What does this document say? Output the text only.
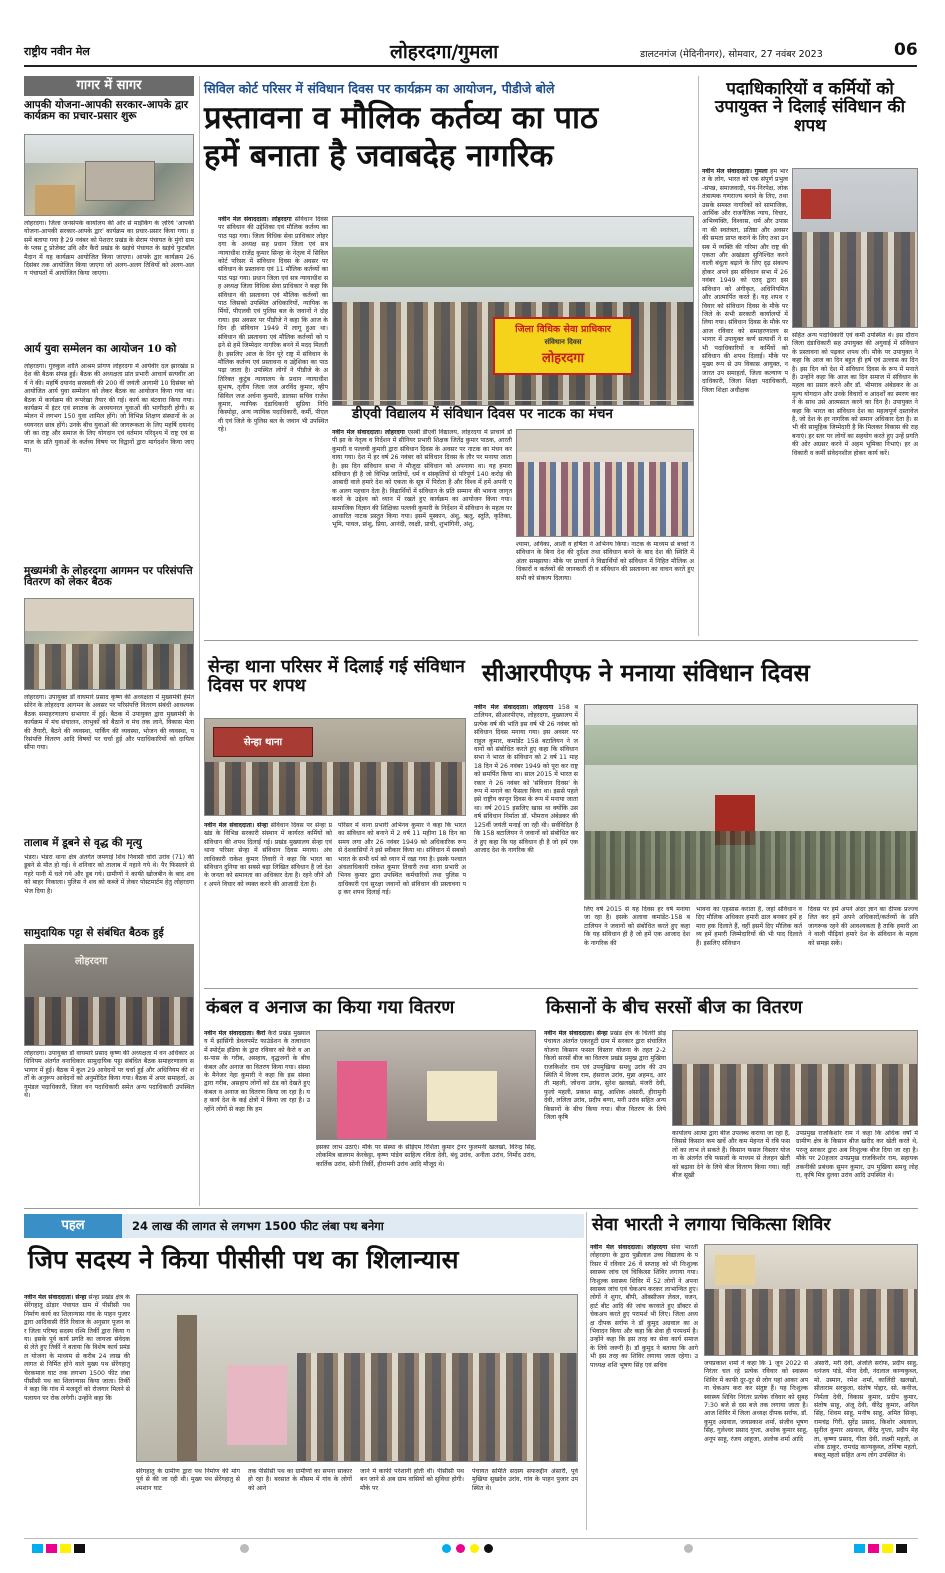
राष्ट्रीय नवीन मेल	लोहरदगा/गुमला	डालटनगंज (मेदिनीनगर), सोमवार, 27 नवंबर 2023	06
गागर में सागर
आपकी योजना-आपकी सरकार-आपके द्वार कार्यक्रम का प्रचार-प्रसार शुरू
लोहरदगा। जिला जनसंपर्क कार्यालय की ओर से माईकिंग के ज़रिये 'आपकी योजना-आपकी सरकार-आपके द्वार' कार्यक्रम का प्रचार-प्रसार किया गया। इसमें बताया गया है 29 नवंबर को पेशरार प्रखंड के सेराम पंचायत के मुंगो ग्राम के प्लस टू प्रोजेक्ट उवि और कैरो प्रखंड के खड़ंचे पंचायत के खड़ंचे फुटबॉल मैदान में यह कार्यक्रम आयोजित किया जाएगा। आपके द्वार कार्यक्रम 26 दिसंबर तक आयोजित किया जाएगा जो अलग-अलग तिथियों को अलग-अलग पंचायतों में आयोजित किया जाएगा।
आर्य युवा सम्मेलन का आयोजन 10 को
लोहरदगा। गुरुकुल शांति आश्रम प्रांगण लोहरदगा में आर्यवीर दल झारखंड प्रदेश की बैठक संपन्न हुई। बैठक की अध्यक्षता प्रांत प्रभारी आचार्य सत्यवीर आर्य ने की। महर्षि दयानंद सरस्वती की 200 वीं जयंती आगामी 10 दिसंबर को आयोजित आर्य युवा सम्मेलन को लेकर बैठक का आयोजन किया गया था। बैठक में कार्यक्रम की रूपरेखा तैयार की गई। कार्य का बंटवारा किया गया। कार्यक्रम में इंटर एवं स्नातक के अध्ययनरत युवाओं की भागीदारी होगी। सम्मेलन में लगभग 150 युवा शामिल होंगे। जो विभिन्न शिक्षण संस्थानों के अध्ययनरत छात्र होंगे। उनके बीच युवाओं की जागरूकता के लिए महर्षि दयानंद जी का राष्ट्र और समाज के लिए योगदान एवं वर्तमान परिदृश्य में राष्ट्र एवं समाज के प्रति युवाओं के कर्तव्य विषय पर विद्वानों द्वारा मार्गदर्शन किया जाएगा।
मुख्यमंत्री के लोहरदगा आगमन पर परिसंपत्ति वितरण को लेकर बैठक
लोहरदगा। उपायुक्त डॉ वाघमारे प्रसाद कृष्ण की अध्यक्षता में मुख्यमंत्री हेमंत सोरेन के लोहरदगा आगमन के अवसर पर परिसंपत्ति वितरण संबंधी आवश्यक बैठक समाहरणालय सभागार में हुई। बैठक में उपायुक्त द्वारा मुख्यमंत्री के कार्यक्रम में मंच संचालन, लाभुकों को बैठाने व मंच तक लाने, विकास मेला की तैयारी, बैठने की व्यवस्था, पार्किंग की व्यवस्था, भोजन की व्यवस्था, परिसंपत्ति वितरण आदि विषयों पर चर्चा हुई और पदाधिकारियों को दायित्व सौंपा गया।
तालाब में डूबने से वृद्ध की मृत्यु
भंडरा। भंडरा थाना क्षेत्र अंतर्गत जमगाई शिव निवासी चोरो उरांव (71) की डूबने से मौत हो गई। वे शनिवार को तालाब में नहाने गये थे। पैर फिसलने से गहरे पानी में चले गये और डूब गये। ग्रामीणों ने काफी खोजबीन के बाद शव को बाहर निकाला। पुलिस ने शव को कब्जे में लेकर पोस्टमार्टम हेतु लोहरदगा भेज दिया है।
सामुदायिक पट्टा से संबंधित बैठक हुई
लोहरदगा
लोहरदगा। उपायुक्त डॉ वाघमारे प्रसाद कृष्ण की अध्यक्षता में वन अधिकार अधिनियम अंतर्गत वनाधिकार सामुदायिक पट्टा संबंधित बैठक समाहरणालय सभागार में हुई। बैठक में कुल 29 आवेदनों पर चर्चा हुई और अधिनियम की शर्तों के अनुरूप आवेदनों को अनुमोदित किया गया। बैठक में अपर समाहर्ता, अनुमंडल पदाधिकारी, जिला वन पदाधिकारी समेत अन्य पदाधिकारी उपस्थित थे।
सिविल कोर्ट परिसर में संविधान दिवस पर कार्यक्रम का आयोजन, पीडीजे बोले
प्रस्तावना व मौलिक कर्तव्य का पाठ
हमें बनाता है जवाबदेह नागरिक
नवीन मेल संवाददाता। लोहरदगा संविधान दिवस पर संविधान की उद्देशिका एवं मौलिक कर्तव्य का पाठ पढ़ा गया। जिला विधिक सेवा प्राधिकार लोहरदगा के अध्यक्ष सह प्रधान जिला एवं सत्र न्यायाधीश राजेंद्र कुमार सिन्हा के नेतृत्व में सिविल कोर्ट परिसर में संविधान दिवस के अवसर पर संविधान के प्रस्तावना एवं 11 मौलिक कर्तव्यों का पाठ पढ़ा गया। प्रधान जिला एवं सत्र न्यायाधीश सह अध्यक्ष जिला विधिक सेवा प्राधिकार ने कहा कि संविधान की प्रस्तावना एवं मौलिक कर्तव्यों का पाठ जिसको उपस्थित अधिकारियों, न्यायिक कर्मियों, पीएलवी एवं पुलिस बल के जवानों ने दोहराया। इस अवसर पर पीडीजे ने कहा कि आज के दिन ही संविधान 1949 में लागू हुआ था। संविधान की प्रस्तावना एवं मौलिक कर्तव्यों को पढ़ने से हमें जिम्मेदार नागरिक बनने में मदद मिलती है। इसलिए आज के दिन पूरे राष्ट्र में संविधान के मौलिक कर्तव्य एवं प्रस्तावना व उद्देशिका का पाठ पढ़ा जाता है। उपस्थित लोगों ने पीडीजे के अतिरिक्त कुटुंब न्यायालय के प्रधान न्यायाधीश सुभाष, तृतीय जिला जज अरविंद कुमार, व्हीप सिविल जज अर्चना कुमारी, डालसा सचिव राजेश कुमार, न्यायिक दंडाधिकारी सुप्रिया निधि किस्पोट्टा, अन्य न्यायिक पदाधिकारी, कर्मी, पीएलवी एवं जिले के पुलिस बल के जवान भी उपस्थित रहे।
जिला विधिक सेवा प्राधिकार
संविधान दिवस
लोहरदगा
डीएवी विद्यालय में संविधान दिवस पर नाटक का मंचन
नवीन मेल संवाददाता। लोहरदगा एसबी डीएवी विद्यालय, लोहरदगा में प्राचार्य डॉ पी झा के नेतृत्व व निर्देशन में सीनियर प्रभारी शिक्षक जितेंद्र कुमार पाठक, आरती कुमारी व पल्लवी कुमारी द्वारा संविधान दिवस के अवसर पर नाटक का मंचन करवाया गया। देश में हर वर्ष 26 नवंबर को संविधान दिवस के तौर पर मनाया जाता है। इस दिन संविधान सभा ने मौजूदा संविधान को अपनाया था। यह हमारा संविधान ही है जो विभिन्न जातियों, धर्म व संस्कृतियों से परिपूर्ण 140 करोड़ की आबादी वाले हमारे देश को एकता के सूत्र में पिरोता है और विश्व में हमें अपनी एक अलग पहचान देता है। विद्यार्थियों में संविधान के प्रति सम्मान की भावना जागृत करने के उद्देश्य को ध्यान में रखते हुए कार्यक्रम का आयोजन किया गया। सामाजिक विज्ञान की शिक्षिका पल्लवी कुमारी के निर्देशन में संविधान के महत्व पर आधारित नाटक प्रस्तुत किया गया। इसमें मुस्कान, अंशु, ऋतु, स्तुति, कृतिका, भूमि, पायल, प्रांशु, प्रिया, आनंदी, रवक्षी, प्राची, शुभांगिनी, अंशु,
श्यामा, अविका, आशी व हर्षिता ने अभिनय किया। नाटक के माध्यम से बच्चों ने संविधान के बिना देश की दुर्दशा तथा संविधान बनने के बाद देश की स्थिति में अंतर समझाया। मौके पर प्राचार्य ने विद्यार्थियों को संविधान में निहित मौलिक अधिकारों व कर्तव्यों की जानकारी दी व संविधान की प्रस्तावना का वाचन करते हुए सभी को संकल्प दिलाया।
पदाधिकारियों व कर्मियों को उपायुक्त ने दिलाई संविधान की शपथ
नवीन मेल संवाददाता। गुमला हम भारत के लोग, भारत को एक संपूर्ण प्रभुत्व-संपन्न, समाजवादी, पंथ-निरपेक्ष, लोकतंत्रात्मक गणराज्य बनाने के लिए, तथा उसके समस्त नागरिकों को सामाजिक, आर्थिक और राजनैतिक न्याय, विचार, अभिव्यक्ति, विश्वास, धर्म और उपासना की स्वतंत्रता, प्रतिष्ठा और अवसर की समता प्राप्त कराने के लिए तथा उन सब में व्यक्ति की गरिमा और राष्ट्र की एकता और अखंडता सुनिश्चित करने वाली बंधुता बढ़ाने के लिए दृढ़ संकल्प होकर अपने इस संविधान सभा में 26 नवंबर 1949 को एतद् द्वारा इस संविधान को अंगीकृत, अधिनियमित और आत्मार्पित करते हैं। यह शपथ रविवार को संविधान दिवस के मौके पर जिले के सभी सरकारी कार्यालयों में लिया गया। संविधान दिवस के मौके पर आज रविवार को समाहरणालय सभागार में उपायुक्त कर्ण सत्यार्थी ने सभी पदाधिकारियों व कर्मियों को संविधान की शपथ दिलाई। मौके पर मुख्य रूप से उप विकास आयुक्त, नजारत उप समाहर्ता, जिला कल्याण पदाधिकारी, जिला शिक्षा पदाधिकारी, जिला शिक्षा अधीक्षक
सहित अन्य पदाधिकारी एवं कर्मी उपस्थित थे। इस दौरान जिला दंडाधिकारी सह उपायुक्त की अगुवाई में संविधान के प्रस्तावना को पढ़कर शपथ ली। मौके पर उपायुक्त ने कहा कि आज का दिन बहुत ही हर्ष एवं उल्लास का दिन है। इस दिन को देश में संविधान दिवस के रूप में मनाते हैं। उन्होंने कहा कि आज का दिन समाज में संविधान के महत्व का प्रसार करने और डॉ. भीमराव अंबेडकर के अमूल्य योगदान और उनके विचारों व आदर्शों का स्मरण करने के साथ उसे आत्मसात करने का दिन है। उपायुक्त ने कहा कि भारत का संविधान देश का महत्वपूर्ण दस्तावेज है, जो देश के हर नागरिक को समान अधिकार देता है। सभी की सामूहिक जिम्मेदारी है कि मिलकर विकास की राह बनाएं। हर स्तर पर लोगों का सहयोग करते हुए उन्हें प्रगति की ओर अग्रसर करने में अहम भूमिका निभाएं। हर अधिकारी व कर्मी संवेदनशील होकर कार्य करें।
सेन्हा थाना परिसर में दिलाई गई संविधान दिवस पर शपथ
सेन्हा थाना
नवीन मेल संवाददाता। सेन्हा संविधान दिवस पर सेन्हा प्रखंड के विभिन्न सरकारी संस्थान में कार्यरत कर्मियों को संविधान की शपथ दिलाई गई। प्रखंड मुख्यालय सेन्हा एवं थाना परिसर सेन्हा में संविधान दिवस मनाया। अंचलाधिकारी राकेश कुमार तिवारी ने कहा कि भारत का संविधान दुनिया का सबसे बड़ा लिखित संविधान है जो देश के जनता को समानता का अधिकार देता है। रहने जीने और अपने विचार को व्यक्त करने की आजादी देता है।
परिसर में थाना प्रभारी अभिनव कुमार ने कहा कि भारत का संविधान को बनाने में 2 वर्ष 11 महीना 18 दिन का समय लगा और 26 नवंबर 1949 को अधिकारिक रूप से देशवासियों ने इसे स्वीकार किया था। संविधान में सबको भारत के सभी धर्म को ध्यान में रखा गया है। इसके पश्चात अंचलाधिकारी राकेश कुमार तिवारी तथा थाना प्रभारी अभिनव कुमार द्वारा उपस्थित कर्मचारियों तथा पुलिस पदाधिकारी एवं सुरक्षा जवानों को संविधान की प्रस्तावना पढ़ कर शपथ दिलाई गई।
सीआरपीएफ ने मनाया संविधान दिवस
नवीन मेल संवाददाता। लोहरदगा 158 बटालियन, सीआरपीएफ, लोहरदगा, मुख्यालय में प्रत्येक वर्ष की भांति इस वर्ष भी 26 नवंबर को संविधान दिवस मनाया गया। इस अवसर पर राहुल कुमार, कमांडेंट 158 बटालियन ने जवानों को संबोधित करते हुए कहा कि संविधान सभा ने भारत के संविधान को 2 वर्ष 11 माह 18 दिन में 26 नवंबर 1949 को पूरा कर राष्ट्र को समर्पित किया था। साल 2015 में भारत सरकार ने 26 नवंबर को 'संविधान दिवस' के रूप में मनाने का फैसला किया था। इससे पहले इसे राष्ट्रीय कानून दिवस के रूप में मनाया जाता था। वर्ष 2015 इसलिए खास था क्योंकि उस वर्ष संविधान निर्माता डॉ. भीमराव अंबेडकर की 125वीं जयंती मनाई जा रही थी। सर्वविदित है कि 158 बटालियन ने जवानों को संबोधित करते हुए कहा कि यह संविधान ही है जो हमें एक आजाद देश के नागरिक की
लिए वर्ष 2015 से यह दिवस हर वर्ष मनाया जा रहा है। इसके अलावा कमांडेंट-158 बटालियन ने जवानों को संबोधित करते हुए कहा कि यह संविधान ही है जो हमें एक आजाद देश के नागरिक की
भावना का एहसास कराता है, जहां संविधान व दिए मौलिक अधिकार हमारी ढाल बनकर हमें हमारा हक दिलाते हैं, वहीं इसमें दिए मौलिक कर्तव्य हमें हमारी जिम्मेदारियों की भी याद दिलाते हैं। इसलिए संविधान
दिवस पर हमें अपने अंदर ज्ञान का दीपक प्रज्ज्वलित कर हमें अपने अधिकारों/कर्तव्यों के प्रति जागरूक रहने की आवश्यकता है ताकि हमारी आने वाली पीढ़ियां हमारे देश के संविधान के महत्व को समझ सकें।
कंबल व अनाज का किया गया वितरण
नवीन मेल संवाददाता। कैरो कैरो प्रखंड मुख्यालय में झांसिंगी डेवलपमेंट फाउंडेशन के तत्वाधान में स्पोर्ट्स इंडिया के द्वारा रविवार को कैरो व आस-पास के गरीब, असहाय, वृद्धजनों के बीच कंबल और अनाज का वितरण किया गया। संस्था के मैनेजर नेहा कुमारी ने कहा कि इस संस्था द्वारा गरीब, असहाय लोगों को ठंड को देखते हुए कंबल व अनाज का वितरण किया जा रहा है। यह कार्य देश के कई क्षेत्रों में किया जा रहा है। उन्होंने लोगों से कहा कि हम
इसका लाभ उठाएं। मौके पर संस्था के सीईएम रिशिता कुमार ट्रेनर फुलमनी खलखो, विरेन्द्र सिंह, लोकमित्र बालगम केरकेट्टा, कृष्ण पांडेय साहित्य रविता देवी, बंधु उरांव, अनीता उरांव, निर्मोद उरांव, कार्तिक उरांव, सोनी तिर्की, हीरामनी उरांव आदि मौजूद थे।
किसानों के बीच सरसों बीज का वितरण
नवीन मेल संवाददाता। सेन्हा प्रखंड क्षेत्र के चितरी डोड़ पंचायत अंतर्गत एकरहुटी ग्राम में सरकार द्वारा संचालित योजना किसान फसल विस्तार योजना के तहत 2-2 किलो सरसों बीज का वितरण प्रखंड प्रमुख द्वारा मुखिया राजकिशोर राम एवं उपमुखिया समधु उरांव की उपस्थिति में विजय राम, हंसराज उरांव, मुन्ना अहमद, आरती महली, जोधना उरांव, सुरेश खलखो, मंजरी देवी, फुलो महली, प्रकाश साहु, आशिक अंसारी, हीरामुनी देवी, ललिता उरांव, प्रदीप बग्गा, मनी उरांव सहित अन्य किसानों के बीच किया गया। बीज वितरण के लिये जिला कृषि
कार्यालय आत्मा द्वारा बीज उपलब्ध कराया जा रहा है, जिससे किसान कम खर्चे और कम मेहनत में रबि फसलों का लाभ ले सकते हैं। किसान फसल विस्तार योजना के अंतर्गत रबि फसलों के माध्यम से तेलहन खेती को बढ़ावा देने के लिये बीज वितरण किया गया। वहीं बीज सूखी
उपप्रमुख राजकिशोर राम ने कहा कि अधिक वर्षों में ग्रामीण क्षेत्र के किसान बीज खरीद कर खेती करते थे, परन्तु सरकार द्वारा अब निःशुल्क बीज दिया जा रहा है। मौके पर 20हजार उपप्रमुख राजकिशोर राम, सहायक तकनीकी प्रबंधक सुमन कुमार, उप मुखिया समधु लोहरा, कृषि मित्र दुलवा उरांव आदि उपस्थित थे।
पहल	24 लाख की लागत से लगभग 1500 फीट लंबा पथ बनेगा
जिप सदस्य ने किया पीसीसी पथ का शिलान्यास
नवीन मेल संवाददाता। सेन्हा सेन्हा प्रखंड क्षेत्र के सेरेंगहातु ढोड़ार पंचायत ग्राम में पीसीसी पथ निर्माण कार्य का शिलान्यास गांव के पाहन पुजार द्वारा आदिवासी रीति रिवाज के अनुसार पूजन कर जिला परिषद सदस्य रश्मि तिर्की द्वारा किया गया। इसके पूर्व कार्य प्रगति का जायजा संवेदक से लेते हुए तिर्की ने बताया कि विशेष कार्य प्रमंडल योजना के माध्यम से करीब 24 लाख की लागत से निर्मित होने वाले मुख्य पथ सेरेंगहातु चेरकमाल घाट तक लगभग 1500 फीट लंबा पीसीसी पथ का शिलान्यास किया जाता। तिर्की ने कहा कि गांव में मजदूरों को रोजगार मिलने से पलायन पर रोक लगेगी। उन्होंने कहा कि
सेरेंगहातु के ग्रामीण द्वारा पथ निर्माण की मांग पूर्व से की जा रही थी। मुख्य पथ सेरेंगहातु से श्मशान घाट
तक पीसीसी पथ का ग्रामीणों का सपना साकार हो रहा है। बरसात के मौसम में गांव के लोगों को आने
जाने में काफी परेशानी होती थी। पीसीसी पथ बन जाने से अब ग्राम वासियों को सुविधा होगी। मौके पर
पंचायत समिति सदस्य सफरुद्दीन अंसारी, पूर्व मुखिया सुखदेव उरांव, गांव के पाहन पुजार उपस्थित थे।
सेवा भारती ने लगाया चिकित्सा शिविर
नवीन मेल संवाददाता। लोहरदगा सेवा भारती लोहरदगा के द्वारा पुन्नीलाल उच्च विद्यालय के परिसर में रविवार 26 वें सप्ताह को भी निःशुल्क स्वास्थ्य जांच एवं चिकित्सा शिविर लगाया गया। निःशुल्क स्वास्थ्य शिविर में 52 लोगों ने अपना स्वास्थ्य जांच एवं चेकअप करकर लाभान्वित हुए। लोगों ने शुगर, बीपी, ऑक्सीजन लेवल, वजन, हार्ट बीट आदि की जांच करवाते हुए डॉक्टर से चेकअप करते हुए परामर्श भी लिए। जिला अध्यक्ष दीपक सर्राफ ने डॉ कुमुद अग्रवाल का अभिवादन किया और कहा कि सेवा ही परमधर्म है। उन्होंने कहा कि इस तरह का सेवा कार्य समाज के लिये जरूरी है। डॉ कुमुद ने बताया कि आगे भी इस तरह का शिविर लगाया जाता रहेगा। उपाध्यक्ष शशि भूषण सिंह एवं सचिव	जयप्रकाश शर्मा ने कहा कि 1 जून 2022 से निरंतर चल रहे प्रत्येक रविवार को स्वास्थ्य शिविर में काफी दूर-दूर से लोग यहां आकर अपना चेकअप करा कर संतुष्ट हैं। यह निःशुल्क स्वास्थ्य शिविर निरंतर प्रत्येक रविवार को सुबह 7:30 बजे से दस बजे तक लगाया जाता है। आज शिविर में जिला अध्यक्ष दीपक सर्राफ, डॉ. कुमुद अग्रवाल, जयप्रकाश शर्मा, संजीव भूषण सिंह, गुलेश्वर प्रसाद गुप्ता, अशोक कुमार साहू, अनूप साहू, रंजय आहूजा, अलोक शर्मा आदि
अंसारी, मरी देवी, अंजलि सर्राफ, प्रदीप साहु, धनंजय पांडे, मीना देवी, नंदलाल कान्यकुब्ज, मो. उस्मान, रमेश शर्मा, कालिंदी खलखो, सीताराम सरफुला, संतोष पोद्दार, सो. कनीज, निर्मला देवी, विकास कुमार, प्रदीप कुमार, संतोष साहू, अंजू देवी, वीरेंद्र कुमार, अनिल सिंह, शिवम साहू, मनीष साहू, अमित सिन्हा, रामचंद्र गिरी, सुरेंद्र प्रसाद, किशोर अग्रवाल, सुनील कुमार अग्रवाल, वीरेंद्र गुप्ता, प्रदीप मेहता, कृष्णा प्रसाद, गीता देवी, लक्ष्मी महतो, अशोक ठाकुर, रामचंद्र कान्यकुब्ज, तनिषा महतो, बबलू महतो सहित अन्य लोग उपस्थित थे।
